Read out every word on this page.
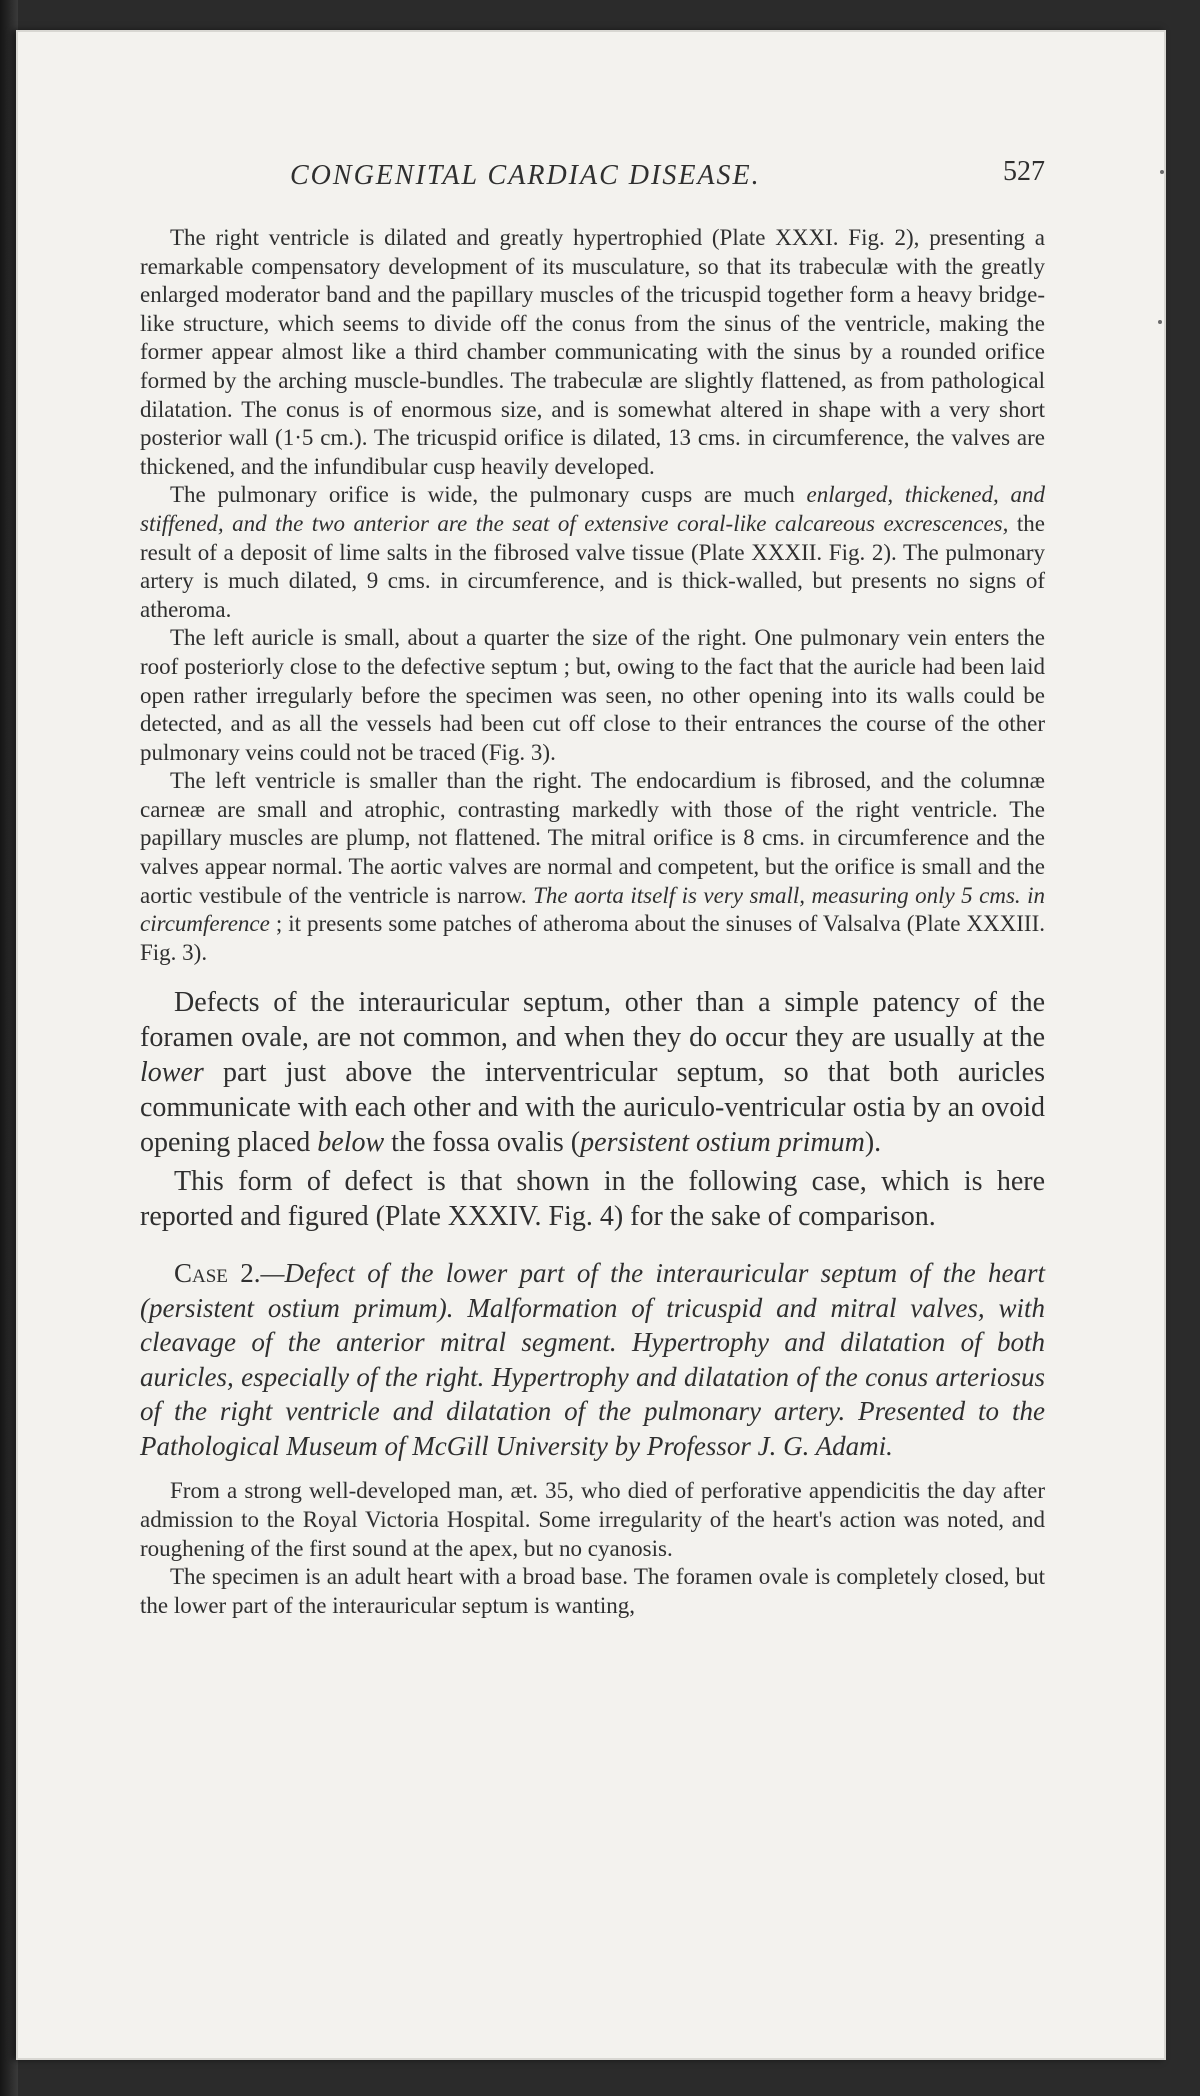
CONGENITAL CARDIAC DISEASE.	527

The right ventricle is dilated and greatly hypertrophied (Plate XXXI. Fig. 2), presenting a remarkable compensatory development of its musculature, so that its trabeculæ with the greatly enlarged moderator band and the papillary muscles of the tricuspid together form a heavy bridge-like structure, which seems to divide off the conus from the sinus of the ventricle, making the former appear almost like a third chamber communicating with the sinus by a rounded orifice formed by the arching muscle-bundles. The trabeculæ are slightly flattened, as from pathological dilatation. The conus is of enormous size, and is somewhat altered in shape with a very short posterior wall (1·5 cm.). The tricuspid orifice is dilated, 13 cms. in circumference, the valves are thickened, and the infundibular cusp heavily developed.

The pulmonary orifice is wide, the pulmonary cusps are much enlarged, thickened, and stiffened, and the two anterior are the seat of extensive coral-like calcareous excrescences, the result of a deposit of lime salts in the fibrosed valve tissue (Plate XXXII. Fig. 2). The pulmonary artery is much dilated, 9 cms. in circumference, and is thick-walled, but presents no signs of atheroma.

The left auricle is small, about a quarter the size of the right. One pulmonary vein enters the roof posteriorly close to the defective septum ; but, owing to the fact that the auricle had been laid open rather irregularly before the specimen was seen, no other opening into its walls could be detected, and as all the vessels had been cut off close to their entrances the course of the other pulmonary veins could not be traced (Fig. 3).

The left ventricle is smaller than the right. The endocardium is fibrosed, and the columnæ carneæ are small and atrophic, contrasting markedly with those of the right ventricle. The papillary muscles are plump, not flattened. The mitral orifice is 8 cms. in circumference and the valves appear normal. The aortic valves are normal and competent, but the orifice is small and the aortic vestibule of the ventricle is narrow. The aorta itself is very small, measuring only 5 cms. in circumference ; it presents some patches of atheroma about the sinuses of Valsalva (Plate XXXIII. Fig. 3).

Defects of the interauricular septum, other than a simple patency of the foramen ovale, are not common, and when they do occur they are usually at the lower part just above the interventricular septum, so that both auricles communicate with each other and with the auriculo-ventricular ostia by an ovoid opening placed below the fossa ovalis (persistent ostium primum).

This form of defect is that shown in the following case, which is here reported and figured (Plate XXXIV. Fig. 4) for the sake of comparison.

Case 2.—Defect of the lower part of the interauricular septum of the heart (persistent ostium primum). Malformation of tricuspid and mitral valves, with cleavage of the anterior mitral segment. Hypertrophy and dilatation of both auricles, especially of the right. Hypertrophy and dilatation of the conus arteriosus of the right ventricle and dilatation of the pulmonary artery. Presented to the Pathological Museum of McGill University by Professor J. G. Adami.

From a strong well-developed man, æt. 35, who died of perforative appendicitis the day after admission to the Royal Victoria Hospital. Some irregularity of the heart's action was noted, and roughening of the first sound at the apex, but no cyanosis.

The specimen is an adult heart with a broad base. The foramen ovale is completely closed, but the lower part of the interauricular septum is wanting,
